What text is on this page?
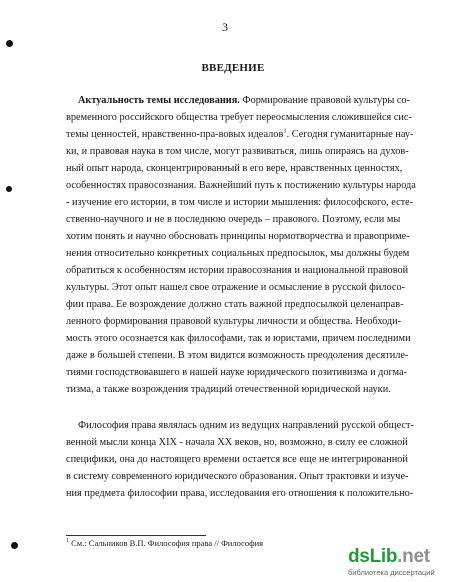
3
ВВЕДЕНИЕ
Актуальность темы исследования. Формирование правовой культуры со-
временного российского общества требует переосмысления сложившейся сис-
темы ценностей, нравственно-пра-вовых идеалов$^1$. Сегодня гуманитарные нау-
ки, и правовая наука в том числе, могут развиваться, лишь опираясь на духов-
ный опыт народа, сконцентрированный в его вере, нравственных ценностях,
особенностях правосознания. Важнейший путь к постижению культуры народа
- изучение его истории, в том числе и истории мышления: философского, есте-
ственно-научного и не в последнюю очередь – правового. Поэтому, если мы
хотим понять и научно обосновать принципы нормотворчества и правоприме-
нения относительно конкретных социальных предпосылок, мы должны будем
обратиться к особенностям истории правосознания и национальной правовой
культуры. Этот опыт нашел свое отражение и осмысление в русской филосо-
фии права. Ее возрождение должно стать важной предпосылкой целенаправ-
ленного формирования правовой культуры личности и общества. Необходи-
мость этого осознается как философами, так и юристами, причем последними
даже в большей степени. В этом видится возможность преодоления десятиле-
тиями господствовавшего в нашей науке юридического позитивизма и догма-
тизма, а также возрождения традиций отечественной юридической науки.
Философия права являлась одним из ведущих направлений русской общест-
венной мысли конца XIX - начала XX веков, но, возможно, в силу ее сложной
специфики, она до настоящего времени остается все еще не интегрированной
в систему современного юридического образования. Опыт трактовки и изуче-
ния предмета философии права, исследования его отношения к положительно-
$^1$ См.: Сальников В.П. Философия права // Философия
dsLib.net
библиотека диссертаций
